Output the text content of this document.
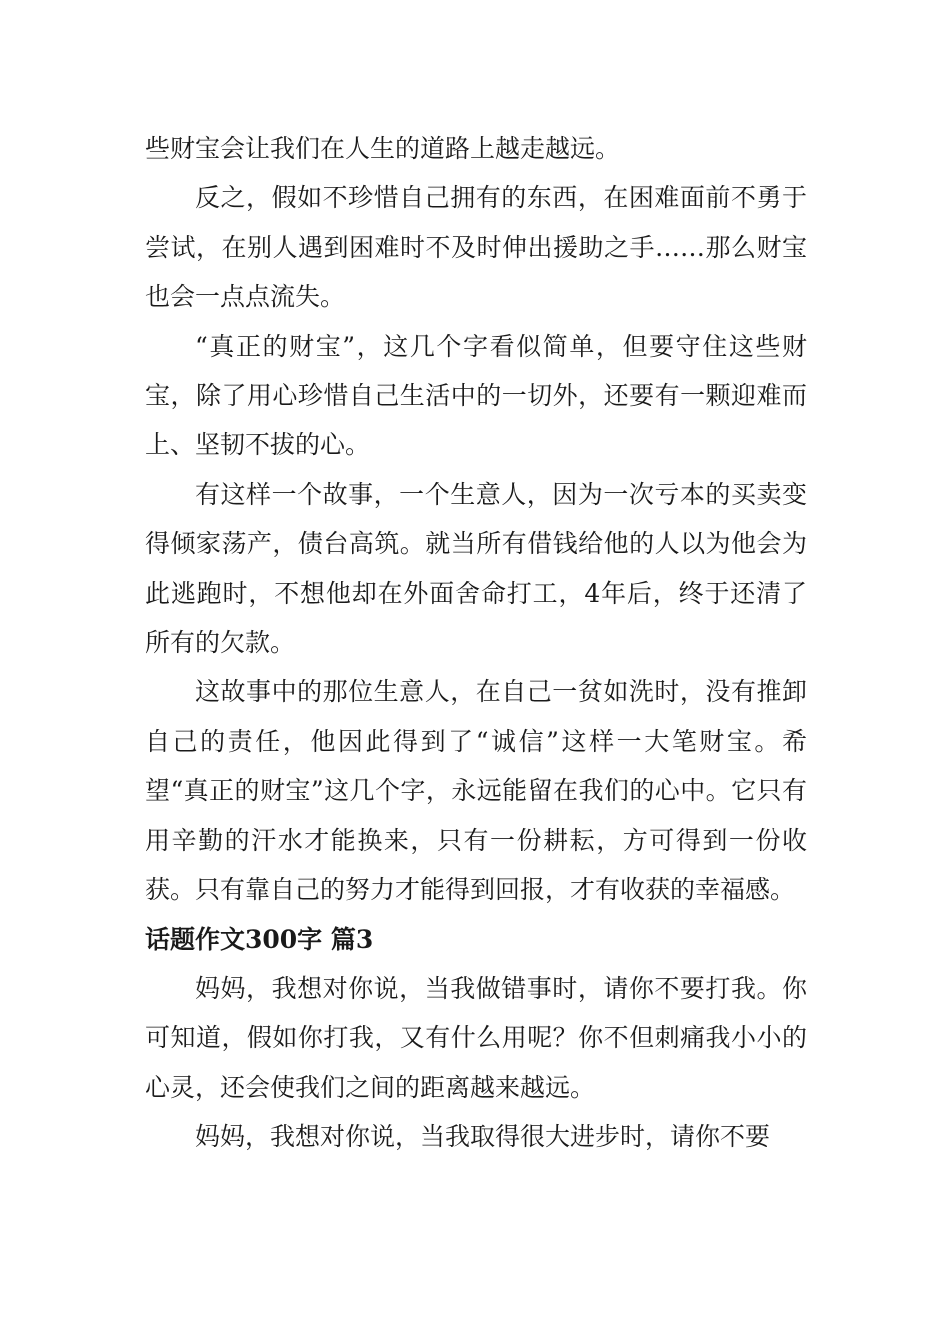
些财宝会让我们在人生的道路上越走越远。

反之，假如不珍惜自己拥有的东西，在困难面前不勇于尝试，在别人遇到困难时不及时伸出援助之手……那么财宝也会一点点流失。

“真正的财宝”，这几个字看似简单，但要守住这些财宝，除了用心珍惜自己生活中的一切外，还要有一颗迎难而上、坚韧不拔的心。

有这样一个故事，一个生意人，因为一次亏本的买卖变得倾家荡产，债台高筑。就当所有借钱给他的人以为他会为此逃跑时，不想他却在外面舍命打工，4年后，终于还清了所有的欠款。

这故事中的那位生意人，在自己一贫如洗时，没有推卸自己的责任，他因此得到了“诚信”这样一大笔财宝。希望“真正的财宝”这几个字，永远能留在我们的心中。它只有用辛勤的汗水才能换来，只有一份耕耘，方可得到一份收获。只有靠自己的努力才能得到回报，才有收获的幸福感。

话题作文300字 篇3

妈妈，我想对你说，当我做错事时，请你不要打我。你可知道，假如你打我，又有什么用呢？你不但刺痛我小小的心灵，还会使我们之间的距离越来越远。

妈妈，我想对你说，当我取得很大进步时，请你不要
